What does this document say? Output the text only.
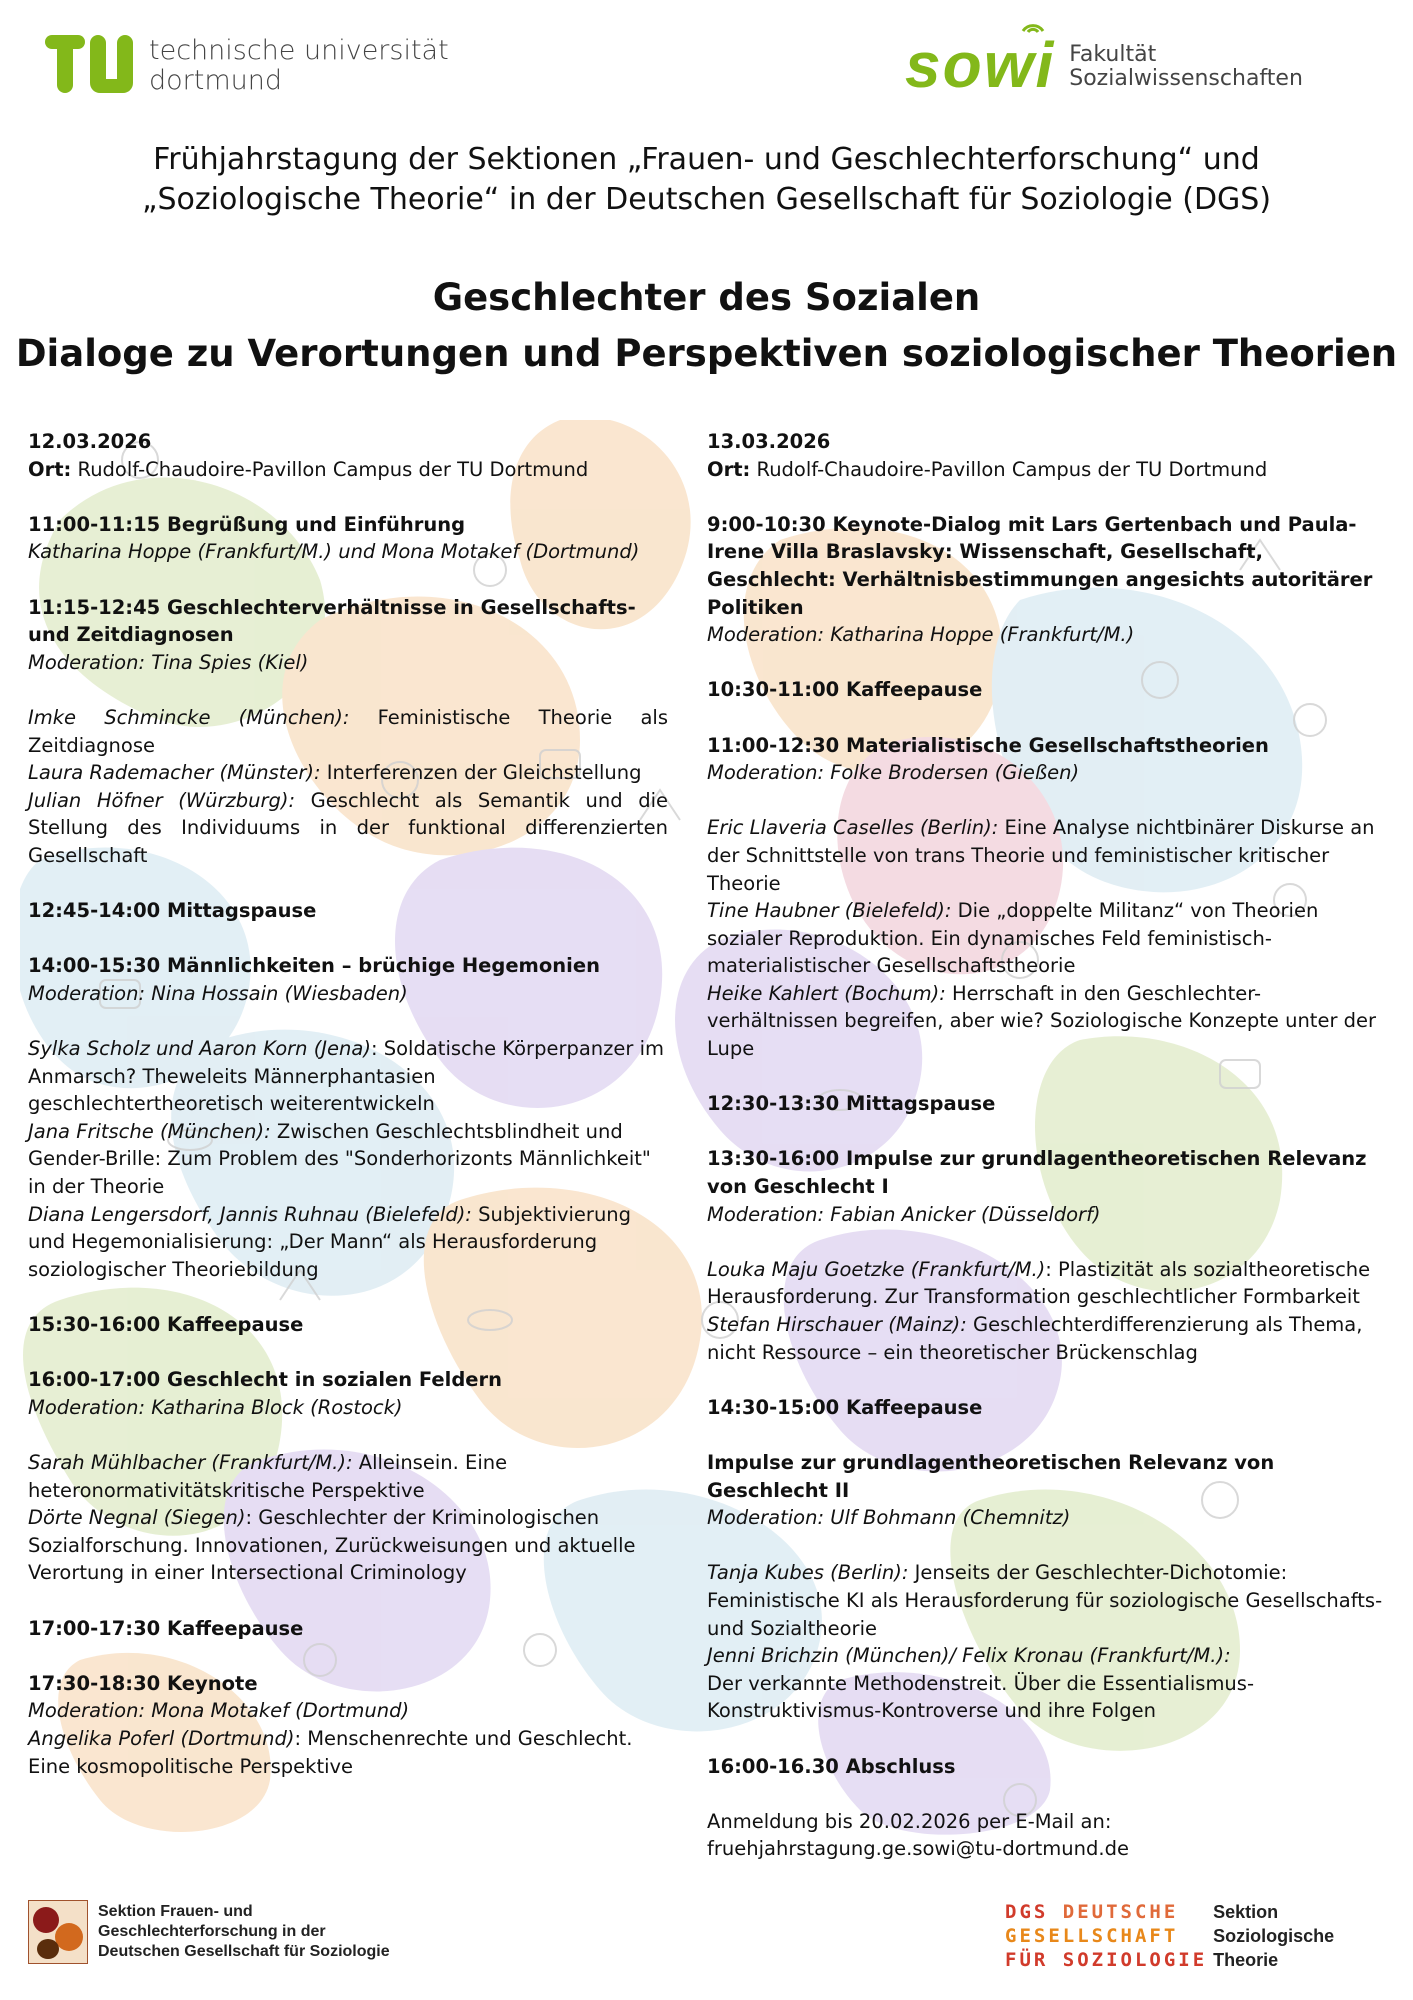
technische universität
dortmund	sowi Fakultät
Sozialwissenschaften
Frühjahrstagung der Sektionen „Frauen- und Geschlechterforschung“ und
„Soziologische Theorie“ in der Deutschen Gesellschaft für Soziologie (DGS)
Geschlechter des Sozialen
Dialoge zu Verortungen und Perspektiven soziologischer Theorien

12.03.2026

Ort: Rudolf-Chaudoire-Pavillon Campus der TU Dortmund

11:00-11:15 Begrüßung und Einführung

Katharina Hoppe (Frankfurt/M.) und Mona Motakef (Dortmund)

11:15-12:45 Geschlechterverhältnisse in Gesellschafts- und Zeitdiagnosen

Moderation: Tina Spies (Kiel)

Imke Schmincke (München): Feministische Theorie als Zeitdiagnose

Laura Rademacher (Münster): Interferenzen der Gleichstellung

Julian Höfner (Würzburg): Geschlecht als Semantik und die Stellung des Individuums in der funktional differenzierten Gesellschaft

12:45-14:00 Mittagspause

14:00-15:30 Männlichkeiten – brüchige Hegemonien

Moderation: Nina Hossain (Wiesbaden)

Sylka Scholz und Aaron Korn (Jena): Soldatische Körperpanzer im Anmarsch? Theweleits Männerphantasien geschlechtertheoretisch weiterentwickeln

Jana Fritsche (München): Zwischen Geschlechtsblindheit und Gender-Brille: Zum Problem des "Sonderhorizonts Männlichkeit" in der Theorie

Diana Lengersdorf, Jannis Ruhnau (Bielefeld): Subjektivierung und Hegemonialisierung: „Der Mann“ als Herausforderung soziologischer Theoriebildung

15:30-16:00 Kaffeepause

16:00-17:00 Geschlecht in sozialen Feldern

Moderation: Katharina Block (Rostock)

Sarah Mühlbacher (Frankfurt/M.): Alleinsein. Eine heteronormativitätskritische Perspektive

Dörte Negnal (Siegen): Geschlechter der Kriminologischen Sozialforschung. Innovationen, Zurückweisungen und aktuelle Verortung in einer Intersectional Criminology

17:00-17:30 Kaffeepause

17:30-18:30 Keynote

Moderation: Mona Motakef (Dortmund)

Angelika Poferl (Dortmund): Menschenrechte und Geschlecht. Eine kosmopolitische Perspektive

13.03.2026

Ort: Rudolf-Chaudoire-Pavillon Campus der TU Dortmund

9:00-10:30 Keynote-Dialog mit Lars Gertenbach und Paula-Irene Villa Braslavsky: Wissenschaft, Gesellschaft, Geschlecht: Verhältnisbestimmungen angesichts autoritärer Politiken

Moderation: Katharina Hoppe (Frankfurt/M.)

10:30-11:00 Kaffeepause

11:00-12:30 Materialistische Gesellschaftstheorien

Moderation: Folke Brodersen (Gießen)

Eric Llaveria Caselles (Berlin): Eine Analyse nichtbinärer Diskurse an der Schnittstelle von trans Theorie und feministischer kritischer Theorie

Tine Haubner (Bielefeld): Die „doppelte Militanz“ von Theorien sozialer Reproduktion. Ein dynamisches Feld feministisch-materialistischer Gesellschaftstheorie

Heike Kahlert (Bochum): Herrschaft in den Geschlechter-verhältnissen begreifen, aber wie? Soziologische Konzepte unter der Lupe

12:30-13:30 Mittagspause

13:30-16:00 Impulse zur grundlagentheoretischen Relevanz von Geschlecht I

Moderation: Fabian Anicker (Düsseldorf)

Louka Maju Goetzke (Frankfurt/M.): Plastizität als sozialtheoretische Herausforderung. Zur Transformation geschlechtlicher Formbarkeit

Stefan Hirschauer (Mainz): Geschlechterdifferenzierung als Thema, nicht Ressource – ein theoretischer Brückenschlag

14:30-15:00 Kaffeepause

Impulse zur grundlagentheoretischen Relevanz von Geschlecht II

Moderation: Ulf Bohmann (Chemnitz)

Tanja Kubes (Berlin): Jenseits der Geschlechter-Dichotomie: Feministische KI als Herausforderung für soziologische Gesellschafts- und Sozialtheorie

Jenni Brichzin (München)/ Felix Kronau (Frankfurt/M.):

Der verkannte Methodenstreit. Über die Essentialismus-Konstruktivismus-Kontroverse und ihre Folgen

16:00-16.30 Abschluss

Anmeldung bis 20.02.2026 per E-Mail an:

fruehjahrstagung.ge.sowi@tu-dortmund.de

Sektion Frauen- und
Geschlechterforschung in der
Deutschen Gesellschaft für Soziologie
DGS DEUTSCHE
GESELLSCHAFT
FÜR SOZIOLOGIE
Sektion
Soziologische
Theorie
